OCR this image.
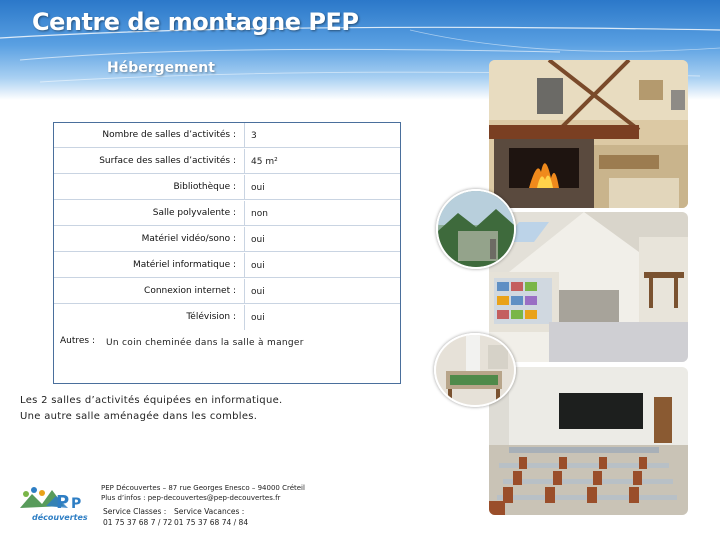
Centre de montagne PEP
Hébergement
Nombre de salles d’activités :	3
Surface des salles d’activités :	45 m²
Bibliothèque :	oui
Salle polyvalente :	non
Matériel vidéo/sono :	oui
Matériel informatique :	oui
Connexion internet :	oui
Télévision :	oui
Autres : Un coin cheminée dans la salle à manger
Les 2 salles d’activités équipées en informatique.
Une autre salle aménagée dans les combles.
P P
découvertes
PEP Découvertes – 87 rue Georges Enesco – 94000 Créteil
Plus d’infos : pep-decouvertes@pep-decouvertes.fr
Service Classes :
01 75 37 68 7 / 72
Service Vacances :
01 75 37 68 74 / 84
